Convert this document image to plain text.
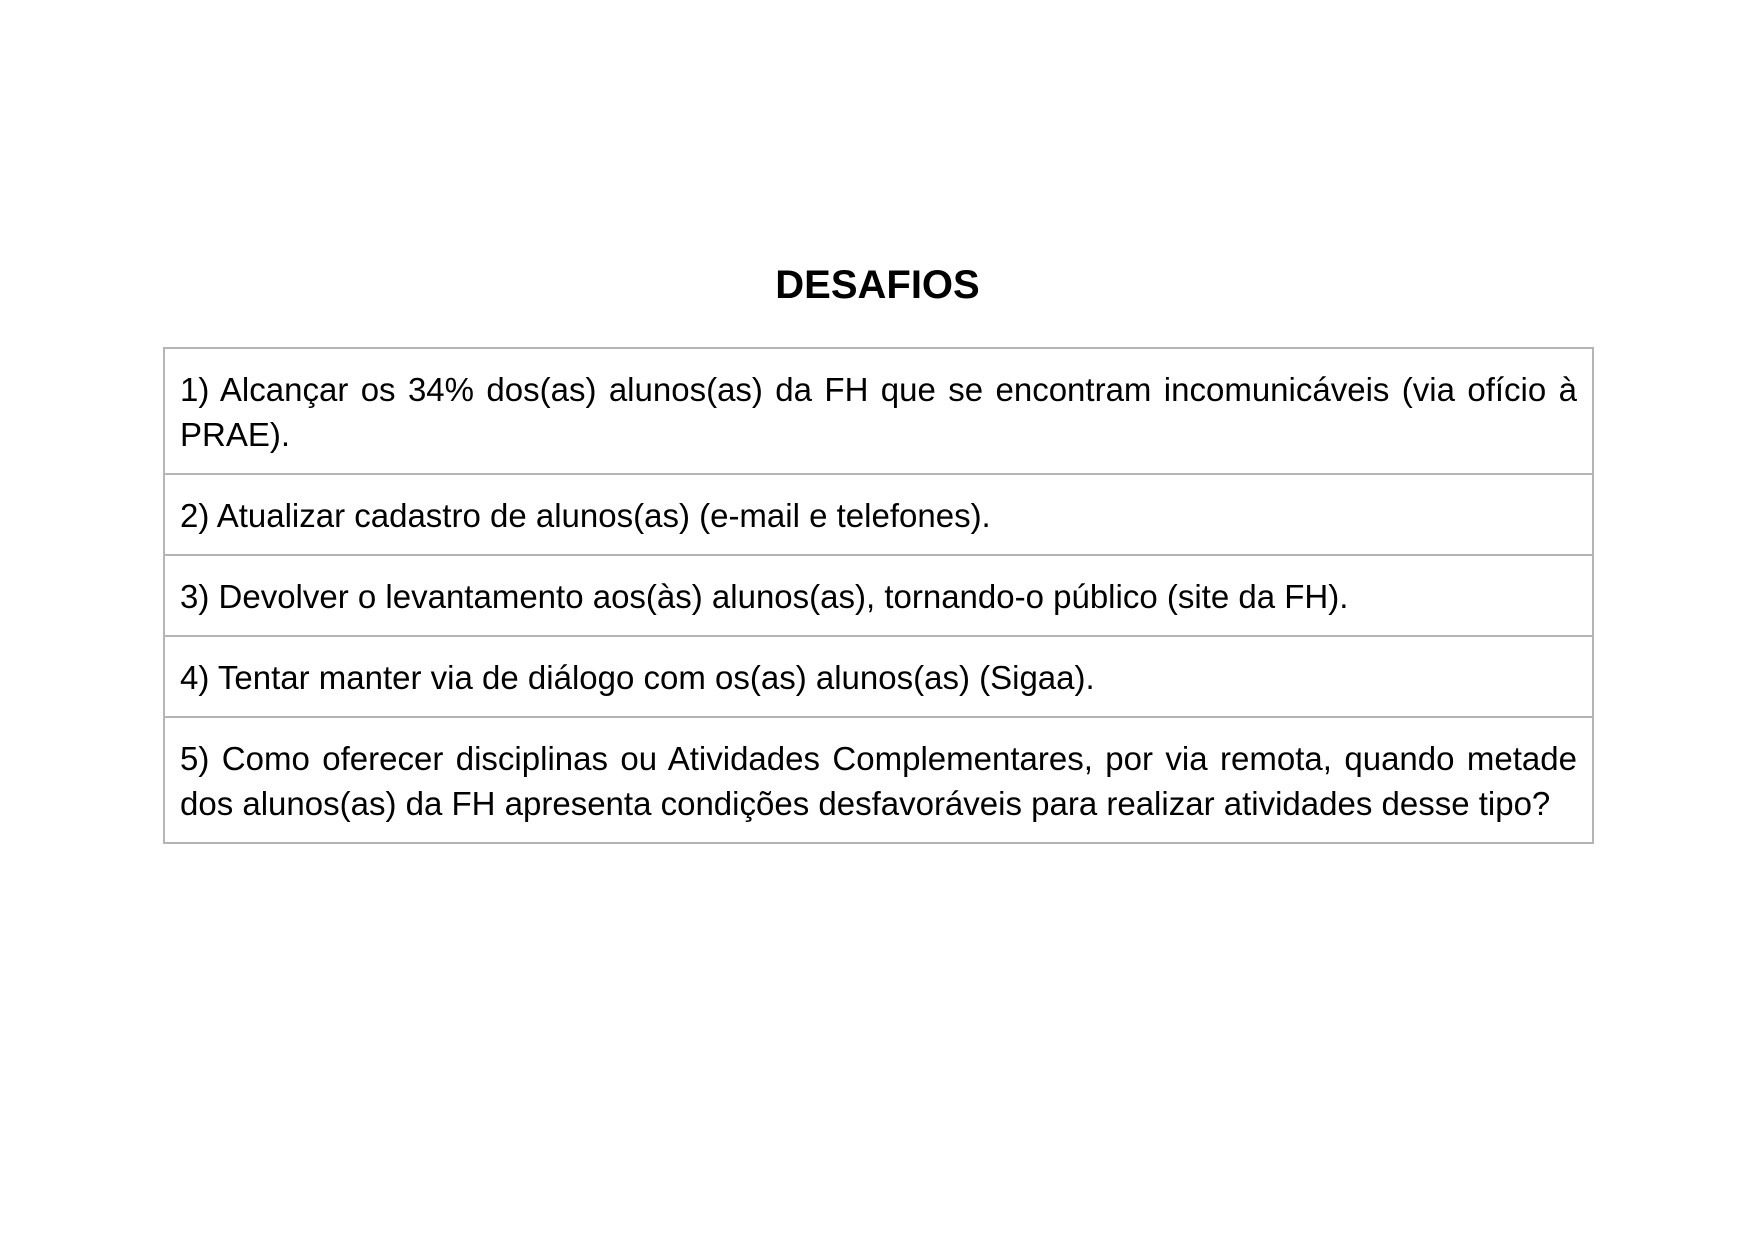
DESAFIOS
1) Alcançar os 34% dos(as) alunos(as) da FH que se encontram incomunicáveis (via ofício à PRAE).
2) Atualizar cadastro de alunos(as) (e-mail e telefones).
3) Devolver o levantamento aos(às) alunos(as), tornando-o público (site da FH).
4) Tentar manter via de diálogo com os(as) alunos(as) (Sigaa).
5) Como oferecer disciplinas ou Atividades Complementares, por via remota, quando metade dos alunos(as) da FH apresenta condições desfavoráveis para realizar atividades desse tipo?
